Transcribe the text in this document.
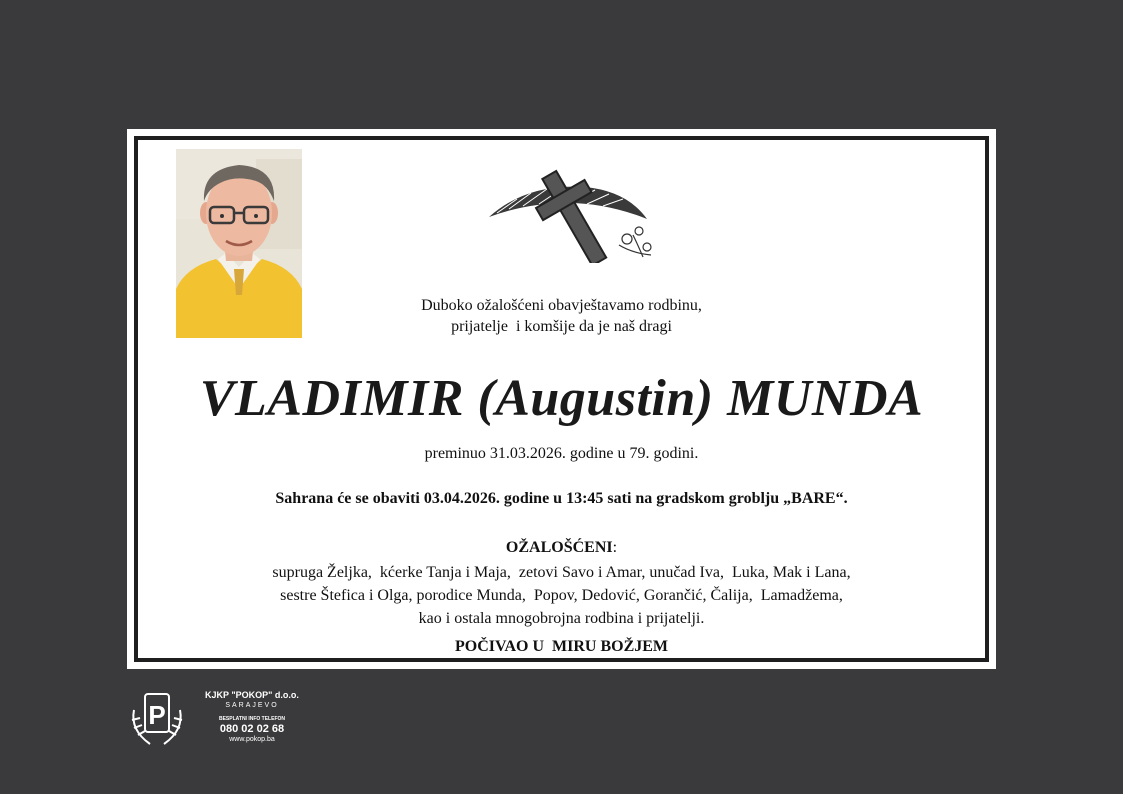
Duboko ožalošćeni obavještavamo rodbinu,
prijatelje  i komšije da je naš dragi
VLADIMIR (Augustin) MUNDA
preminuo 31.03.2026. godine u 79. godini.
Sahrana će se obaviti 03.04.2026. godine u 13:45 sati na gradskom groblju „BARE“.
OŽALOŠĆENI:
supruga Željka,  kćerke Tanja i Maja,  zetovi Savo i Amar, unučad Iva,  Luka, Mak i Lana,
sestre Štefica i Olga, porodice Munda,  Popov, Dedović, Gorančić, Čalija,  Lamadžema,
kao i ostala mnogobrojna rodbina i prijatelji.
POČIVAO U  MIRU BOŽJEM
P
KJKP "POKOP" d.o.o.
SARAJEVO
BESPLATNI INFO TELEFON
080 02 02 68
www.pokop.ba
